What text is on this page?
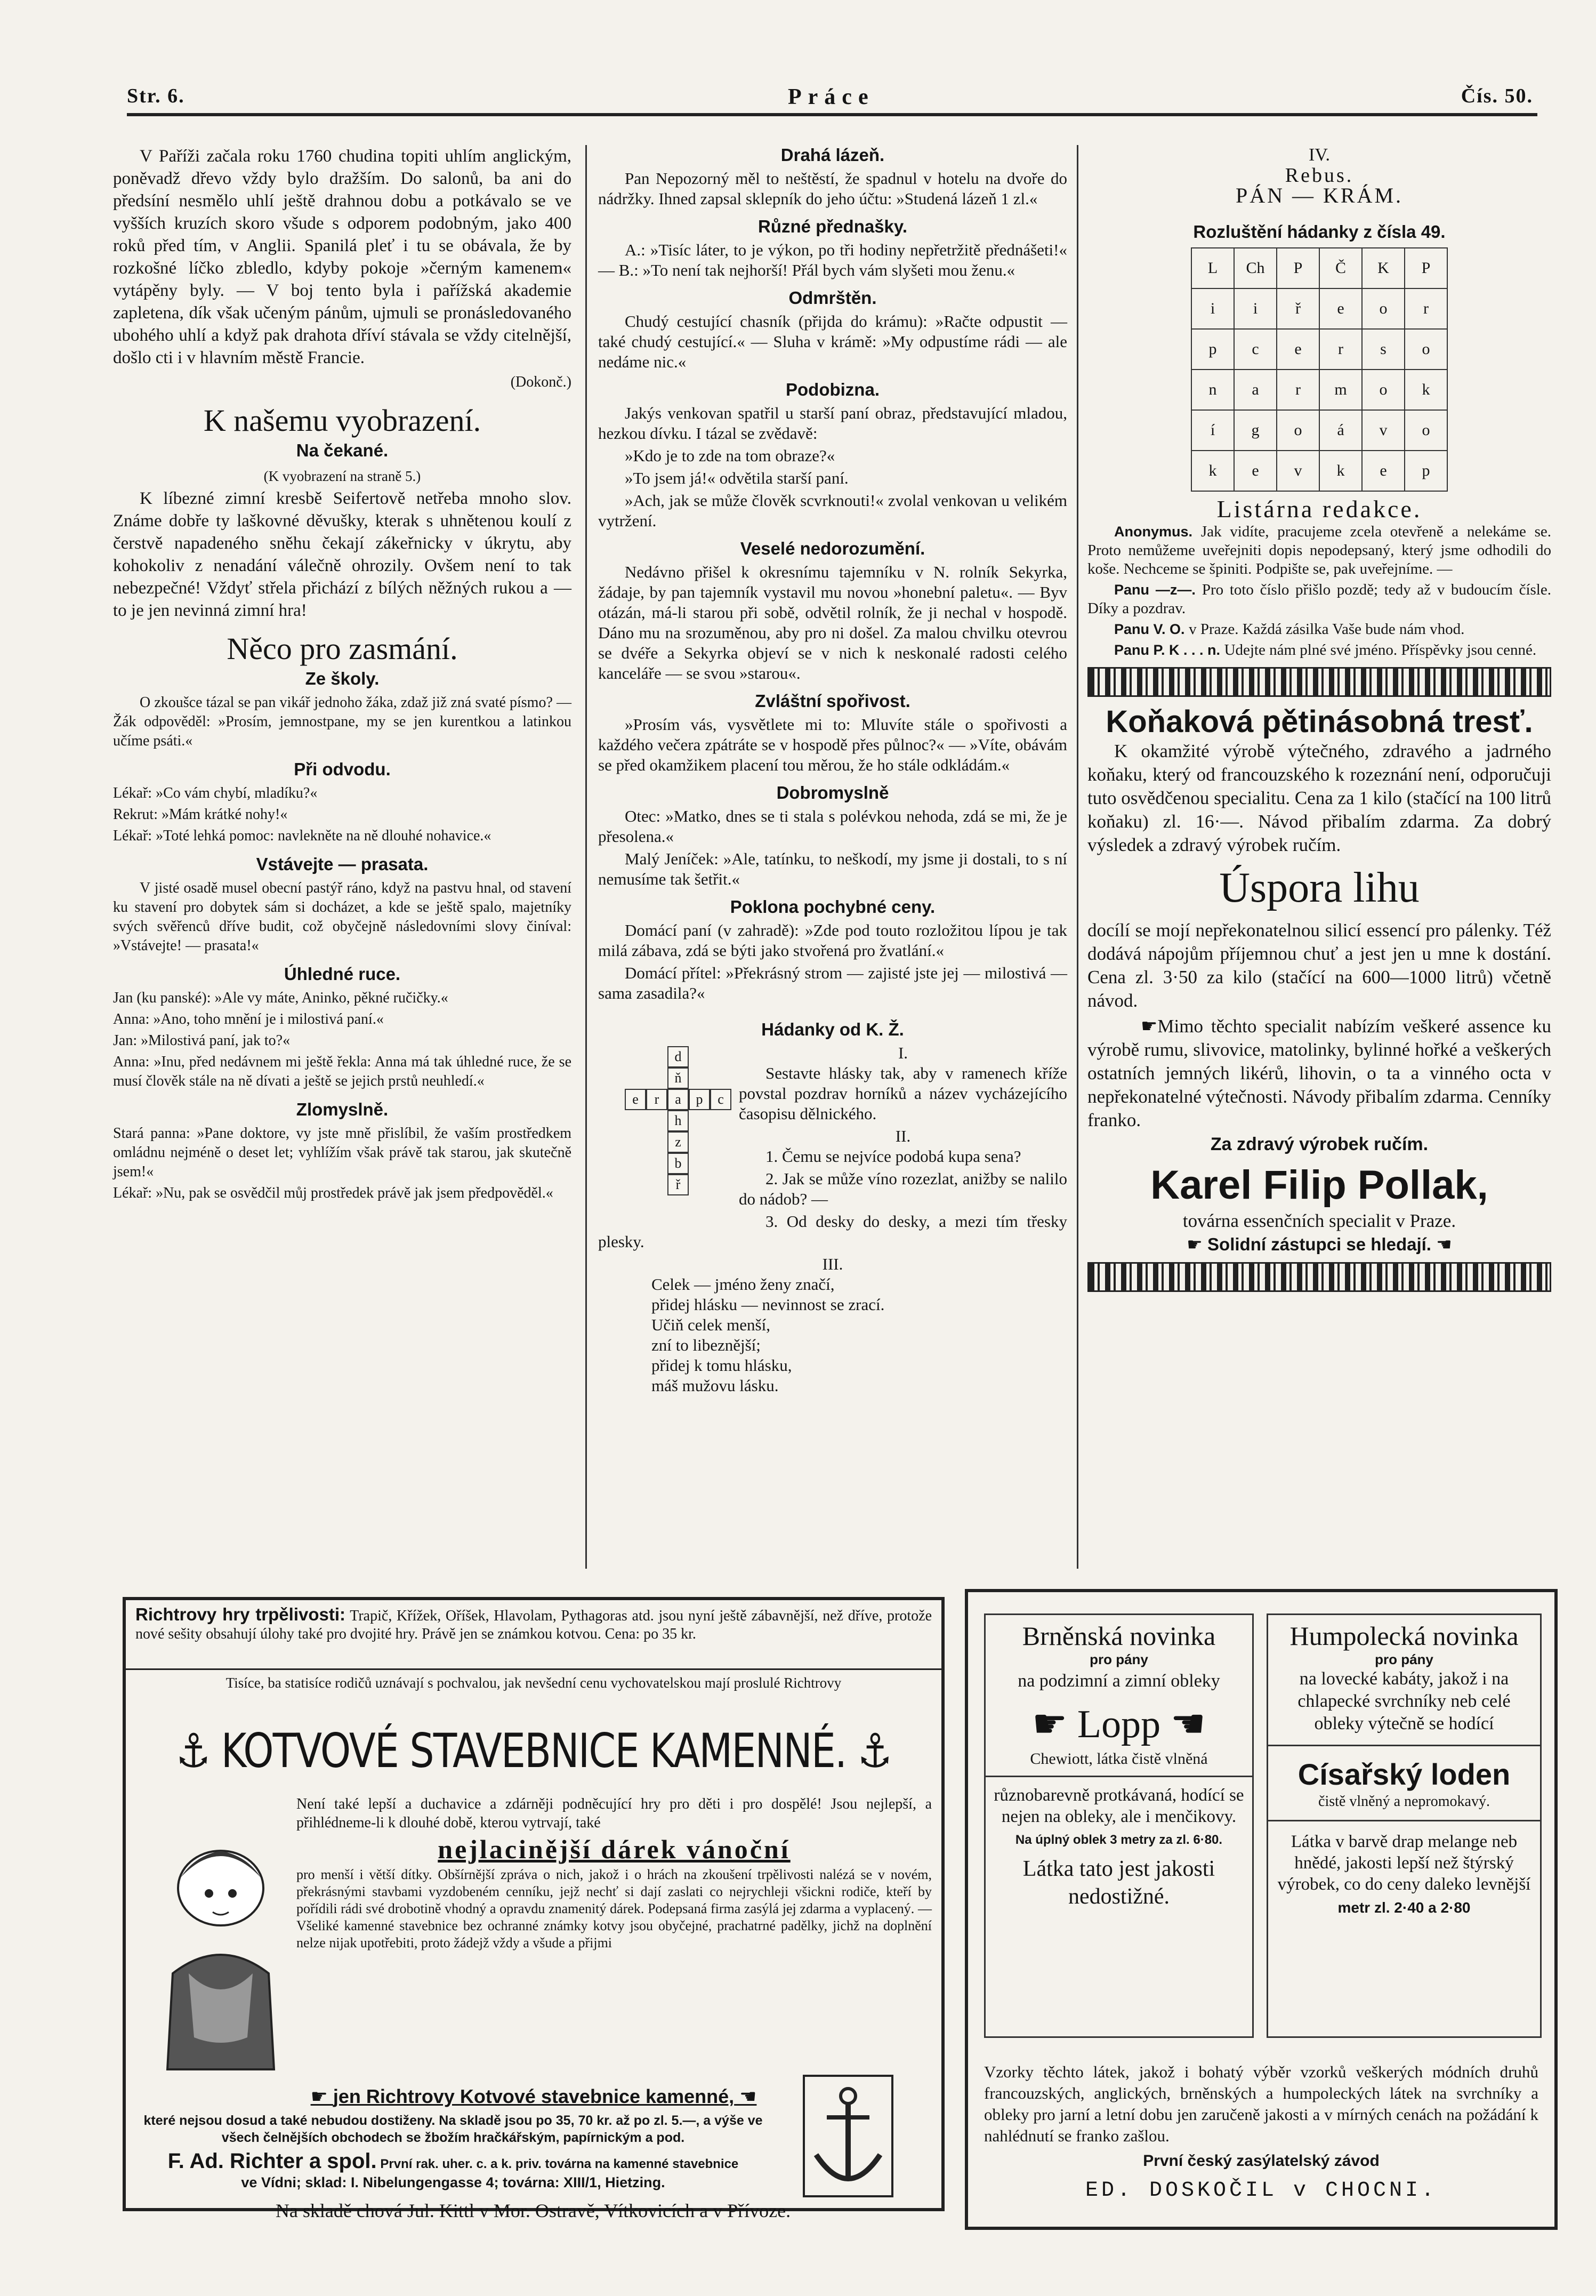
Str. 6.	Práce	Čís. 50.

V Paříži začala roku 1760 chudina topiti uhlím anglickým, poněvadž dřevo vždy bylo dražším. Do salonů, ba ani do předsíní nesmělo uhlí ještě drahnou dobu a potkávalo se ve vyšších kruzích skoro všude s odporem podobným, jako 400 roků před tím, v Anglii. Spanilá pleť i tu se obávala, že by rozkošné líčko zbledlo, kdyby pokoje »černým kamenem« vytápěny byly. — V boj tento byla i pařížská akademie zapletena, dík však učeným pánům, ujmuli se pronásledovaného ubohého uhlí a když pak drahota dříví stávala se vždy citelnější, došlo cti i v hlavním městě Francie.

(Dokonč.)
K našemu vyobrazení.
Na čekané.
(K vyobrazení na straně 5.)

K líbezné zimní kresbě Seifertově netřeba mnoho slov. Známe dobře ty laškovné děvušky, kterak s uhnětenou koulí z čerstvě napadeného sněhu čekají zákeřnicky v úkrytu, aby kohokoliv z nenadání válečně ohrozily. Ovšem není to tak nebezpečné! Vždyť střela přichází z bílých něžných rukou a — to je jen nevinná zimní hra!

Něco pro zasmání.
Ze školy.

O zkoušce tázal se pan vikář jednoho žáka, zdaž již zná svaté písmo? — Žák odpověděl: »Prosím, jemnostpane, my se jen kurentkou a latinkou učíme psáti.«

Při odvodu.

Lékař: »Co vám chybí, mladíku?«

Rekrut: »Mám krátké nohy!«

Lékař: »Toté lehká pomoc: navlekněte na ně dlouhé nohavice.«

Vstávejte — prasata.

V jisté osadě musel obecní pastýř ráno, když na pastvu hnal, od stavení ku stavení pro dobytek sám si docházet, a kde se ještě spalo, majetníky svých svěřenců dříve budit, což obyčejně následovními slovy činíval: »Vstávejte! — prasata!«

Úhledné ruce.

Jan (ku panské): »Ale vy máte, Aninko, pěkné ručičky.«

Anna: »Ano, toho mnění je i milostivá paní.«

Jan: »Milostivá paní, jak to?«

Anna: »Inu, před nedávnem mi ještě řekla: Anna má tak úhledné ruce, že se musí člověk stále na ně dívati a ještě se jejich prstů neuhledí.«

Zlomyslně.

Stará panna: »Pane doktore, vy jste mně přislíbil, že vaším prostředkem omládnu nejméně o deset let; vyhlížím však právě tak starou, jak skutečně jsem!«

Lékař: »Nu, pak se osvědčil můj prostředek právě jak jsem předpověděl.«

Drahá lázeň.

Pan Nepozorný měl to neštěstí, že spadnul v hotelu na dvoře do nádržky. Ihned zapsal sklepník do jeho účtu: »Studená lázeň 1 zl.«

Různé přednašky.

A.: »Tisíc láter, to je výkon, po tři hodiny nepřetržitě přednášeti!« — B.: »To není tak nejhorší! Přál bych vám slyšeti mou ženu.«

Odmrštěn.

Chudý cestující chasník (přijda do krámu): »Račte odpustit — také chudý cestující.« — Sluha v krámě: »My odpustíme rádi — ale nedáme nic.«

Podobizna.

Jakýs venkovan spatřil u starší paní obraz, představující mladou, hezkou dívku. I tázal se zvědavě:

»Kdo je to zde na tom obraze?«

»To jsem já!« odvětila starší paní.

»Ach, jak se může člověk scvrknouti!« zvolal venkovan u velikém vytržení.

Veselé nedorozumění.

Nedávno přišel k okresnímu tajemníku v N. rolník Sekyrka, žádaje, by pan tajemník vystavil mu novou »honební paletu«. — Byv otázán, má-li starou při sobě, odvětil rolník, že ji nechal v hospodě. Dáno mu na srozuměnou, aby pro ni došel. Za malou chvilku otevrou se dvéře a Sekyrka objeví se v nich k neskonalé radosti celého kanceláře — se svou »starou«.

Zvláštní spořivost.

»Prosím vás, vysvětlete mi to: Mluvíte stále o spořivosti a každého večera zpátráte se v hospodě přes půlnoc?« — »Víte, obávám se před okamžikem placení tou měrou, že ho stále odkládám.«

Dobromyslně

Otec: »Matko, dnes se ti stala s polévkou nehoda, zdá se mi, že je přesolena.«

Malý Jeníček: »Ale, tatínku, to neškodí, my jsme ji dostali, to s ní nemusíme tak šetřit.«

Poklona pochybné ceny.

Domácí paní (v zahradě): »Zde pod touto rozložitou lípou je tak milá zábava, zdá se býti jako stvořená pro žvatlání.«

Domácí přítel: »Překrásný strom — zajisté jste jej — milostivá — sama zasadila?«

Hádanky od K. Ž.
d
ň
a
h
z
b
ř
e	r	p	c
I.

Sestavte hlásky tak, aby v ramenech kříže povstal pozdrav horníků a název vycházejícího časopisu dělnického.

II.

1. Čemu se nejvíce podobá kupa sena?

2. Jak se může víno rozezlat, anižby se nalilo do nádob? —

3. Od desky do desky, a mezi tím třesky plesky.

III.
Celek — jméno ženy značí,
přidej hlásku — nevinnost se zrací.
Učiň celek menší,
zní to libeznější;
přidej k tomu hlásku,
máš mužovu lásku.
IV.
Rebus.
PÁN — KRÁM.
Rozluštění hádanky z čísla 49.
L	Ch	P	Č	K	P
i	i	ř	e	o	r
p	c	e	r	s	o
n	a	r	m	o	k
í	g	o	á	v	o
k	e	v	k	e	p
Listárna redakce.

Anonymus. Jak vidíte, pracujeme zcela otevřeně a nelekáme se. Proto nemůžeme uveřejniti dopis nepodepsaný, který jsme odhodili do koše. Nechceme se špiniti. Podpište se, pak uveřejníme. —

Panu —z—. Pro toto číslo přišlo pozdě; tedy až v budoucím čísle. Díky a pozdrav.

Panu V. O. v Praze. Každá zásilka Vaše bude nám vhod.

Panu P. K . . . n. Udejte nám plné své jméno. Příspěvky jsou cenné.

Koňaková pětinásobná tresť.

K okamžité výrobě výtečného, zdravého a jadrného koňaku, který od francouzského k rozeznání není, odporučuji tuto osvědčenou specialitu. Cena za 1 kilo (stačící na 100 litrů koňaku) zl. 16·—. Návod přibalím zdarma. Za dobrý výsledek a zdravý výrobek ručím.

Úspora lihu

docílí se mojí nepřekonatelnou silicí essencí pro pálenky. Též dodává nápojům příjemnou chuť a jest jen u mne k dostání. Cena zl. 3·50 za kilo (stačící na 600—1000 litrů) včetně návod.

☛Mimo těchto specialit nabízím veškeré assence ku výrobě rumu, slivovice, matolinky, bylinné hořké a veškerých ostatních jemných likérů, lihovin, o ta a vinného octa v nepřekonatelné výtečnosti. Návody přibalím zdarma. Cenníky franko.

Za zdravý výrobek ručím.
Karel Filip Pollak,
továrna essenčních specialit v Praze.
☛ Solidní zástupci se hledají. ☚
Richtrovy hry trpělivosti: Trapič, Křížek, Oříšek, Hlavolam, Pythagoras atd. jsou nyní ještě zábavnější, než dříve, protože nové sešity obsahují úlohy také pro dvojité hry. Právě jen se známkou kotvou. Cena: po 35 kr.
Tisíce, ba statisíce rodičů uznávají s pochvalou, jak nevšední cenu vychovatelskou mají proslulé Richtrovy
⚓ KOTVOVÉ STAVEBNICE KAMENNÉ. ⚓
Není také lepší a duchavice a zdárněji podněcující hry pro děti i pro dospělé! Jsou nejlepší, a přihlédneme-li k dlouhé době, kterou vytrvají, také
nejlacinější dárek vánoční
pro menší i větší dítky. Obšírnější zpráva o nich, jakož i o hrách na zkoušení trpělivosti nalézá se v novém, překrásnými stavbami vyzdobeném cenníku, jejž nechť si dají zaslati co nejrychleji všickni rodiče, kteří by pořídili rádi své drobotině vhodný a opravdu znamenitý dárek. Podepsaná firma zasýlá jej zdarma a vyplacený. — Všeliké kamenné stavebnice bez ochranné známky kotvy jsou obyčejné, prachatrné padělky, jichž na doplnění nelze nijak upotřebiti, proto žádejž vždy a všude a přijmi
☛ jen Richtrovy Kotvové stavebnice kamenné, ☚
které nejsou dosud a také nebudou dostiženy. Na skladě jsou po 35, 70 kr. až po zl. 5.—, a výše ve všech čelnějších obchodech se žbožím hračkářským, papírnickým a pod.
F. Ad. Richter a spol. První rak. uher. c. a k. priv. továrna na kamenné stavebnice
ve Vídni; sklad: I. Nibelungengasse 4; továrna: XIII/1, Hietzing.
Na skladě chová Jul. Kittl v Mor. Ostravě, Vítkovicích a v Přívoze.
Brněnská novinka
pro pány
na podzimní a zimní obleky
☛ Lopp ☚
Chewiott, látka čistě vlněná
různobarevně protkávaná, hodící se nejen na obleky, ale i menčikovy.
Na úplný oblek 3 metry za zl. 6·80.
Látka tato jest jakosti nedostižné.
Humpolecká novinka
pro pány
na lovecké kabáty, jakož i na chlapecké svrchníky neb celé obleky výtečně se hodící
Císařský loden
čistě vlněný a nepromokavý.
Látka v barvě drap melange neb hnědé, jakosti lepší než štýrský výrobek, co do ceny daleko levnější
metr zl. 2·40 a 2·80
Vzorky těchto látek, jakož i bohatý výběr vzorků veškerých módních druhů francouzských, anglických, brněnských a humpoleckých látek na svrchníky a obleky pro jarní a letní dobu jen zaručeně jakosti a v mírných cenách na požádání k nahlédnutí se franko zašlou.
První český zasýlatelský závod
ED. DOSKOČIL v CHOCNI.
